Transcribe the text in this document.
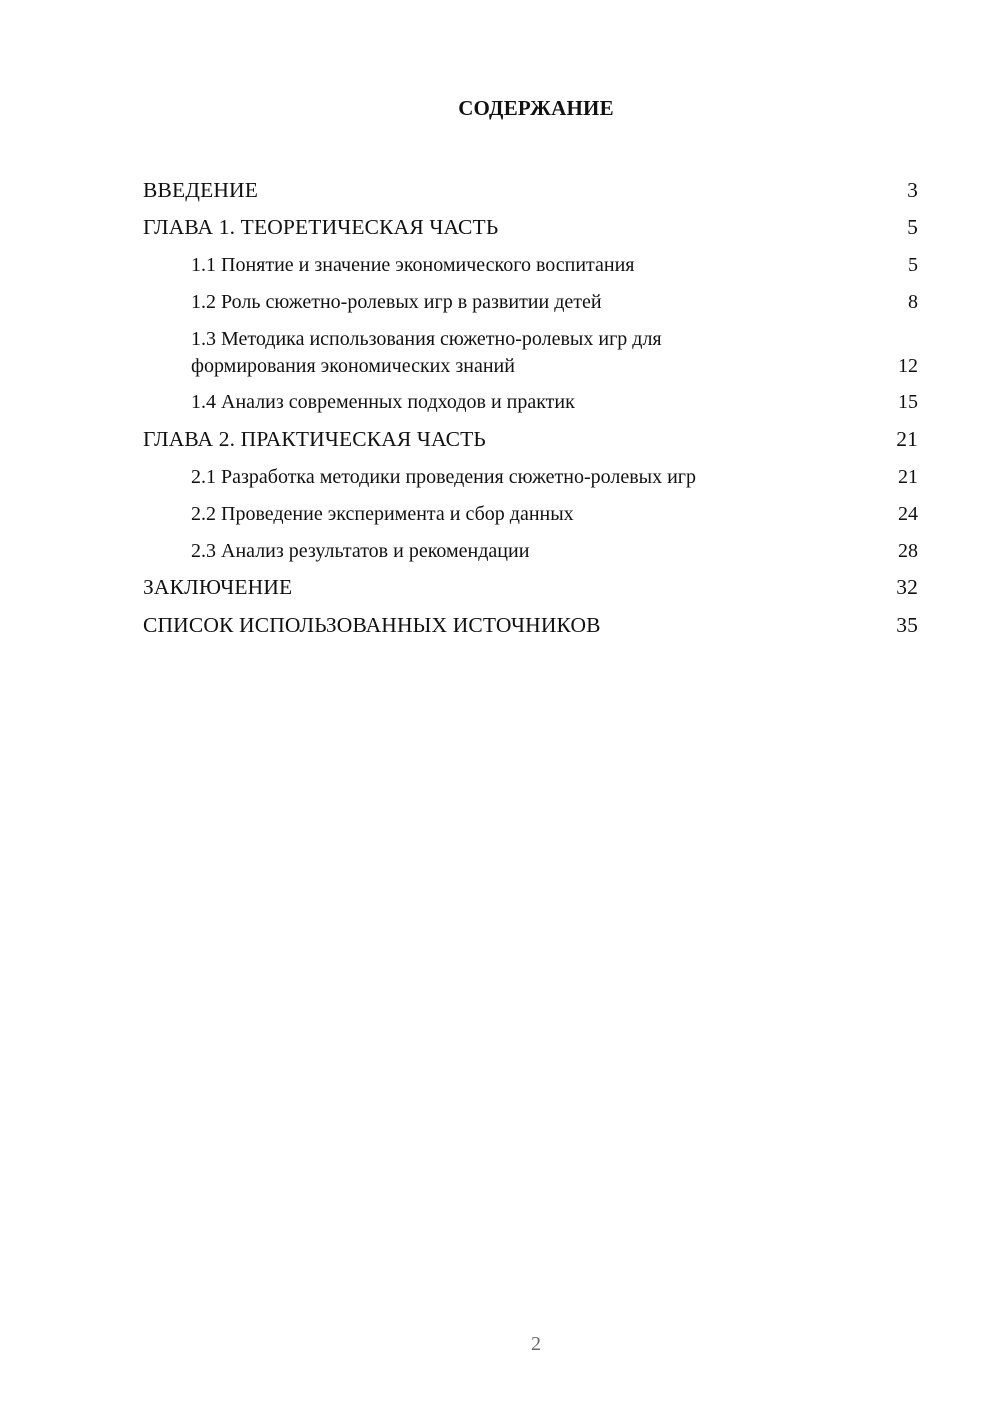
СОДЕРЖАНИЕ
ВВЕДЕНИЕ	3
ГЛАВА 1. ТЕОРЕТИЧЕСКАЯ ЧАСТЬ	5
1.1 Понятие и значение экономического воспитания	5
1.2 Роль сюжетно-ролевых игр в развитии детей	8
1.3 Методика использования сюжетно-ролевых игр для
формирования экономических знаний	12
1.4 Анализ современных подходов и практик	15
ГЛАВА 2. ПРАКТИЧЕСКАЯ ЧАСТЬ	21
2.1 Разработка методики проведения сюжетно-ролевых игр	21
2.2 Проведение эксперимента и сбор данных	24
2.3 Анализ результатов и рекомендации	28
ЗАКЛЮЧЕНИЕ	32
СПИСОК ИСПОЛЬЗОВАННЫХ ИСТОЧНИКОВ	35
2
